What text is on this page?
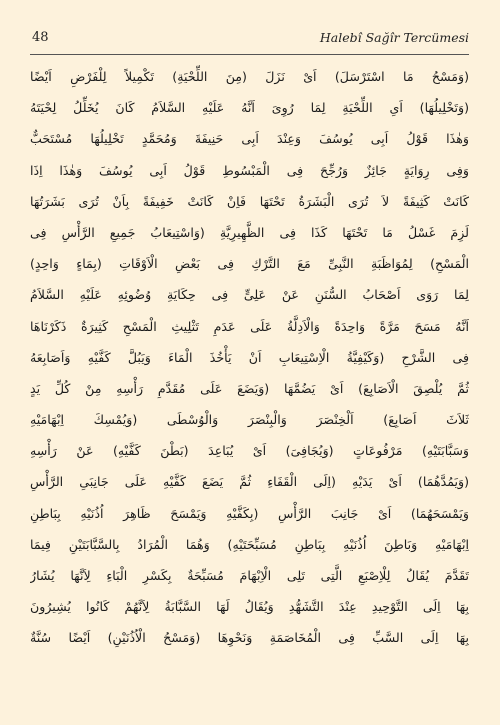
48	Halebî Sağîr Tercümesi
(وَمَسْحُ مَا اسْتَرْسَلَ) اَىْ نَزَلَ (مِنَ اللِّحْيَةِ) تَكْمِيلاً لِلْفَرْضِ اَيْضًا
(وَتَخْلِيلُهَا) اَىِ اللِّحْيَةِ لِمَا رُوِىَ اَنَّهُ عَلَيْهِ السَّلاَمُ كَانَ يُخَلِّلُ لِحْيَتَهُ
وَهٰذَا قَوْلُ اَبِى يُوسُفَ وَعِنْدَ اَبِى حَنِيفَةَ وَمُحَمَّدٍ تَخْلِيلُهَا مُسْتَحَبٌّ
وَفِى رِوَايَةٍ جَائِزٌ وَرُجِّحَ فِى الْمَبْسُوطِ قَوْلُ اَبِى يُوسُفَ وَهٰذَا اِذَا
كَانَتْ كَثِيفَةً لاَ تُرَى الْبَشَرَةُ تَحْتَهَا فَاِنْ كَانَتْ خَفِيفَةً بِاَنْ تُرَى بَشَرَتُهَا
لَزِمَ غَسْلُ مَا تَحْتَهَا كَذَا فِى الظَّهِيرِيَّةِ (وَاسْتِيعَابُ جَمِيعِ الرَّأْسِ فِى
الْمَسْحِ) لِمُوَاظَبَةِ النَّبِىِّ مَعَ التَّرْكِ فِى بَعْضِ الْاَوْقَاتِ (بِمَاءٍ وَاحِدٍ)
لِمَا رَوَى اَصْحَابُ السُّنَنِ عَنْ عَلِىٍّ فِى حِكَايَةِ وُضُوئِهِ عَلَيْهِ السَّلاَمُ
اَنَّهُ مَسَحَ مَرَّةً وَاحِدَةً وَالْاَدِلَّةُ عَلَى عَدَمِ تَثْلِيثِ الْمَسْحِ كَثِيرَةٌ ذَكَرْنَاهَا
فِى الشَّرْحِ (وَكَيْفِيَّةُ الْاِسْتِيعَابِ اَنْ يَأْخُذَ الْمَاءَ وَيَبُلَّ كَفَّيْهِ وَاَصَابِعَهُ
ثُمَّ يُلْصِقَ الْاَصَابِعَ) اَىْ يَضُمَّهَا (وَيَضَعَ عَلَى مُقَدَّمِ رَأْسِهِ مِنْ كُلِّ يَدٍ
ثَلاَثَ اَصَابِعَ) اَلْخِنْصَرَ وَالْبِنْصَرَ وَالْوُسْطَى (وَيُمْسِكَ اِبْهَامَيْهِ
وَسَبَّابَتَيْهِ) مَرْفُوعَاتٍ (وَيُجَافِىَ) اَىْ يُبَاعِدَ (بَطْنَ كَفَّيْهِ) عَنْ رَأْسِهِ
(وَيَمُدَّهُمَا) اَىْ يَدَيْهِ (اِلَى الْقَفَاءِ ثُمَّ يَضَعَ كَفَّيْهِ عَلَى جَانِبَىِ الرَّأْسِ
وَيَمْسَحَهُمَا) اَىْ جَانِبَ الرَّأْسِ (بِكَفَّيْهِ وَيَمْسَحَ ظَاهِرَ اُذُنَيْهِ بِبَاطِنِ
اِبْهَامَيْهِ وَبَاطِنَ اُذُنَيْهِ بِبَاطِنِ مُسَبِّحَتَيْهِ) وَهُمَا الْمُرَادُ بِالسَّبَّابَتَيْنِ فِيمَا
تَقَدَّمَ يُقَالُ لِلْاِصْبَعِ الَّتِى تَلِى الْاِبْهَامَ مُسَبِّحَةٌ بِكَسْرِ الْبَاءِ لِاَنَّهَا يُشَارُ
بِهَا اِلَى التَّوْحِيدِ عِنْدَ التَّشَهُّدِ وَيُقَالُ لَهَا السَّبَّابَةُ لِاَنَّهُمْ كَانُوا يُشِيرُونَ
بِهَا اِلَى السَّبِّ فِى الْمُخَاصَمَةِ وَنَحْوِهَا (وَمَسْحُ الْاُذُنَيْنِ) اَيْضًا سُنَّةٌ
